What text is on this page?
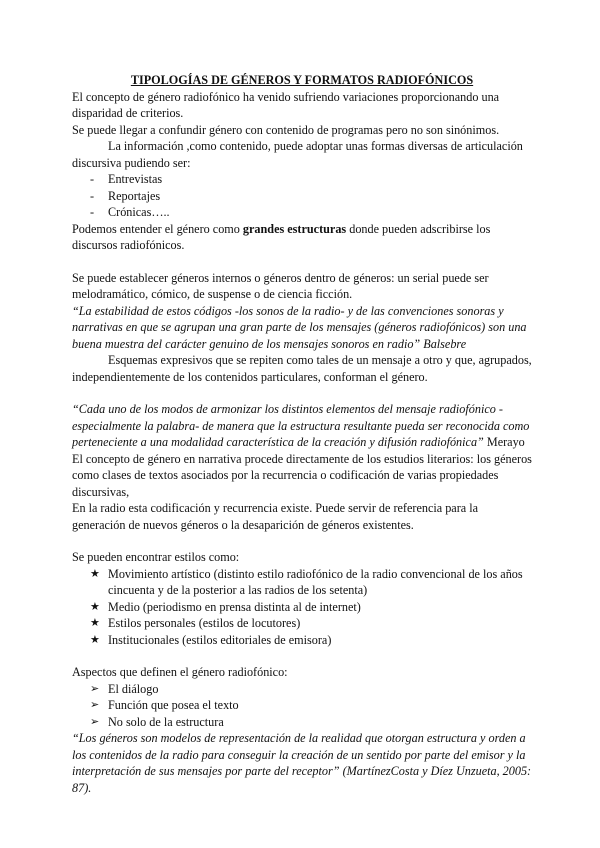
TIPOLOGÍAS DE GÉNEROS Y FORMATOS RADIOFÓNICOS

El concepto de género radiofónico ha venido sufriendo variaciones proporcionando una disparidad de criterios.

Se puede llegar a confundir género con contenido de programas pero no son sinónimos.

La información ,como contenido, puede adoptar unas formas diversas de articulación discursiva pudiendo ser:

- Entrevistas
- Reportajes
- Crónicas…..

Podemos entender el género como grandes estructuras donde pueden adscribirse los discursos radiofónicos.

Se puede establecer géneros internos o géneros dentro de géneros: un serial puede ser melodramático, cómico, de suspense o de ciencia ficción.

“La estabilidad de estos códigos -los sonos de la radio- y de las convenciones sonoras y narrativas en que se agrupan una gran parte de los mensajes (géneros radiofónicos) son una buena muestra del carácter genuino de los mensajes sonoros en radio” Balsebre

Esquemas expresivos que se repiten como tales de un mensaje a otro y que, agrupados, independientemente de los contenidos particulares, conforman el género.

“Cada uno de los modos de armonizar los distintos elementos del mensaje radiofónico -especialmente la palabra- de manera que la estructura resultante pueda ser reconocida como perteneciente a una modalidad característica de la creación y difusión radiofónica” Merayo

El concepto de género en narrativa procede directamente de los estudios literarios: los géneros como clases de textos asociados por la recurrencia o codificación de varias propiedades discursivas,

En la radio esta codificación y recurrencia existe. Puede servir de referencia para la generación de nuevos géneros o la desaparición de géneros existentes.

Se pueden encontrar estilos como:

★ Movimiento artístico (distinto estilo radiofónico de la radio convencional de los años cincuenta y de la posterior a las radios de los setenta)
★ Medio (periodismo en prensa distinta al de internet)
★ Estilos personales (estilos de locutores)
★ Institucionales (estilos editoriales de emisora)

Aspectos que definen el género radiofónico:

➢ El diálogo
➢ Función que posea el texto
➢ No solo de la estructura

“Los géneros son modelos de representación de la realidad que otorgan estructura y orden a los contenidos de la radio para conseguir la creación de un sentido por parte del emisor y la interpretación de sus mensajes por parte del receptor” (MartínezCosta y Díez Unzueta, 2005: 87).
